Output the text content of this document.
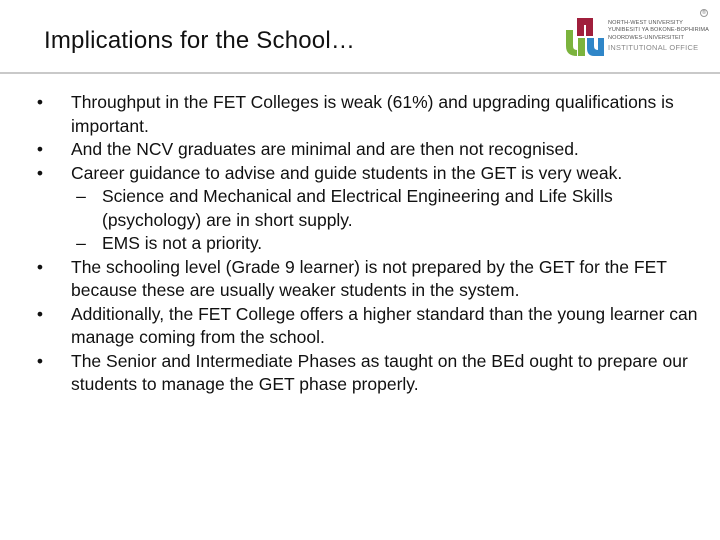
Implications for the School…
NORTH-WEST UNIVERSITY
YUNIBESITI YA BOKONE-BOPHIRIMA
NOORDWES-UNIVERSITEIT
INSTITUTIONAL OFFICE
®
•	Throughput in the FET Colleges is weak (61%) and upgrading qualifications is important.
•	And the NCV graduates are minimal and are then not recognised.
•	Career guidance to advise and guide students in the GET is very weak.
– Science and Mechanical and Electrical Engineering and Life Skills (psychology) are in short supply.
– EMS is not a priority.
•	The schooling level (Grade 9 learner) is not prepared by the GET for the FET because these are usually weaker students in the system.
•	Additionally, the FET College offers a higher standard than the young learner can manage coming from the school.
•	The Senior and Intermediate Phases as taught on the BEd ought to prepare our students to manage the GET phase properly.
